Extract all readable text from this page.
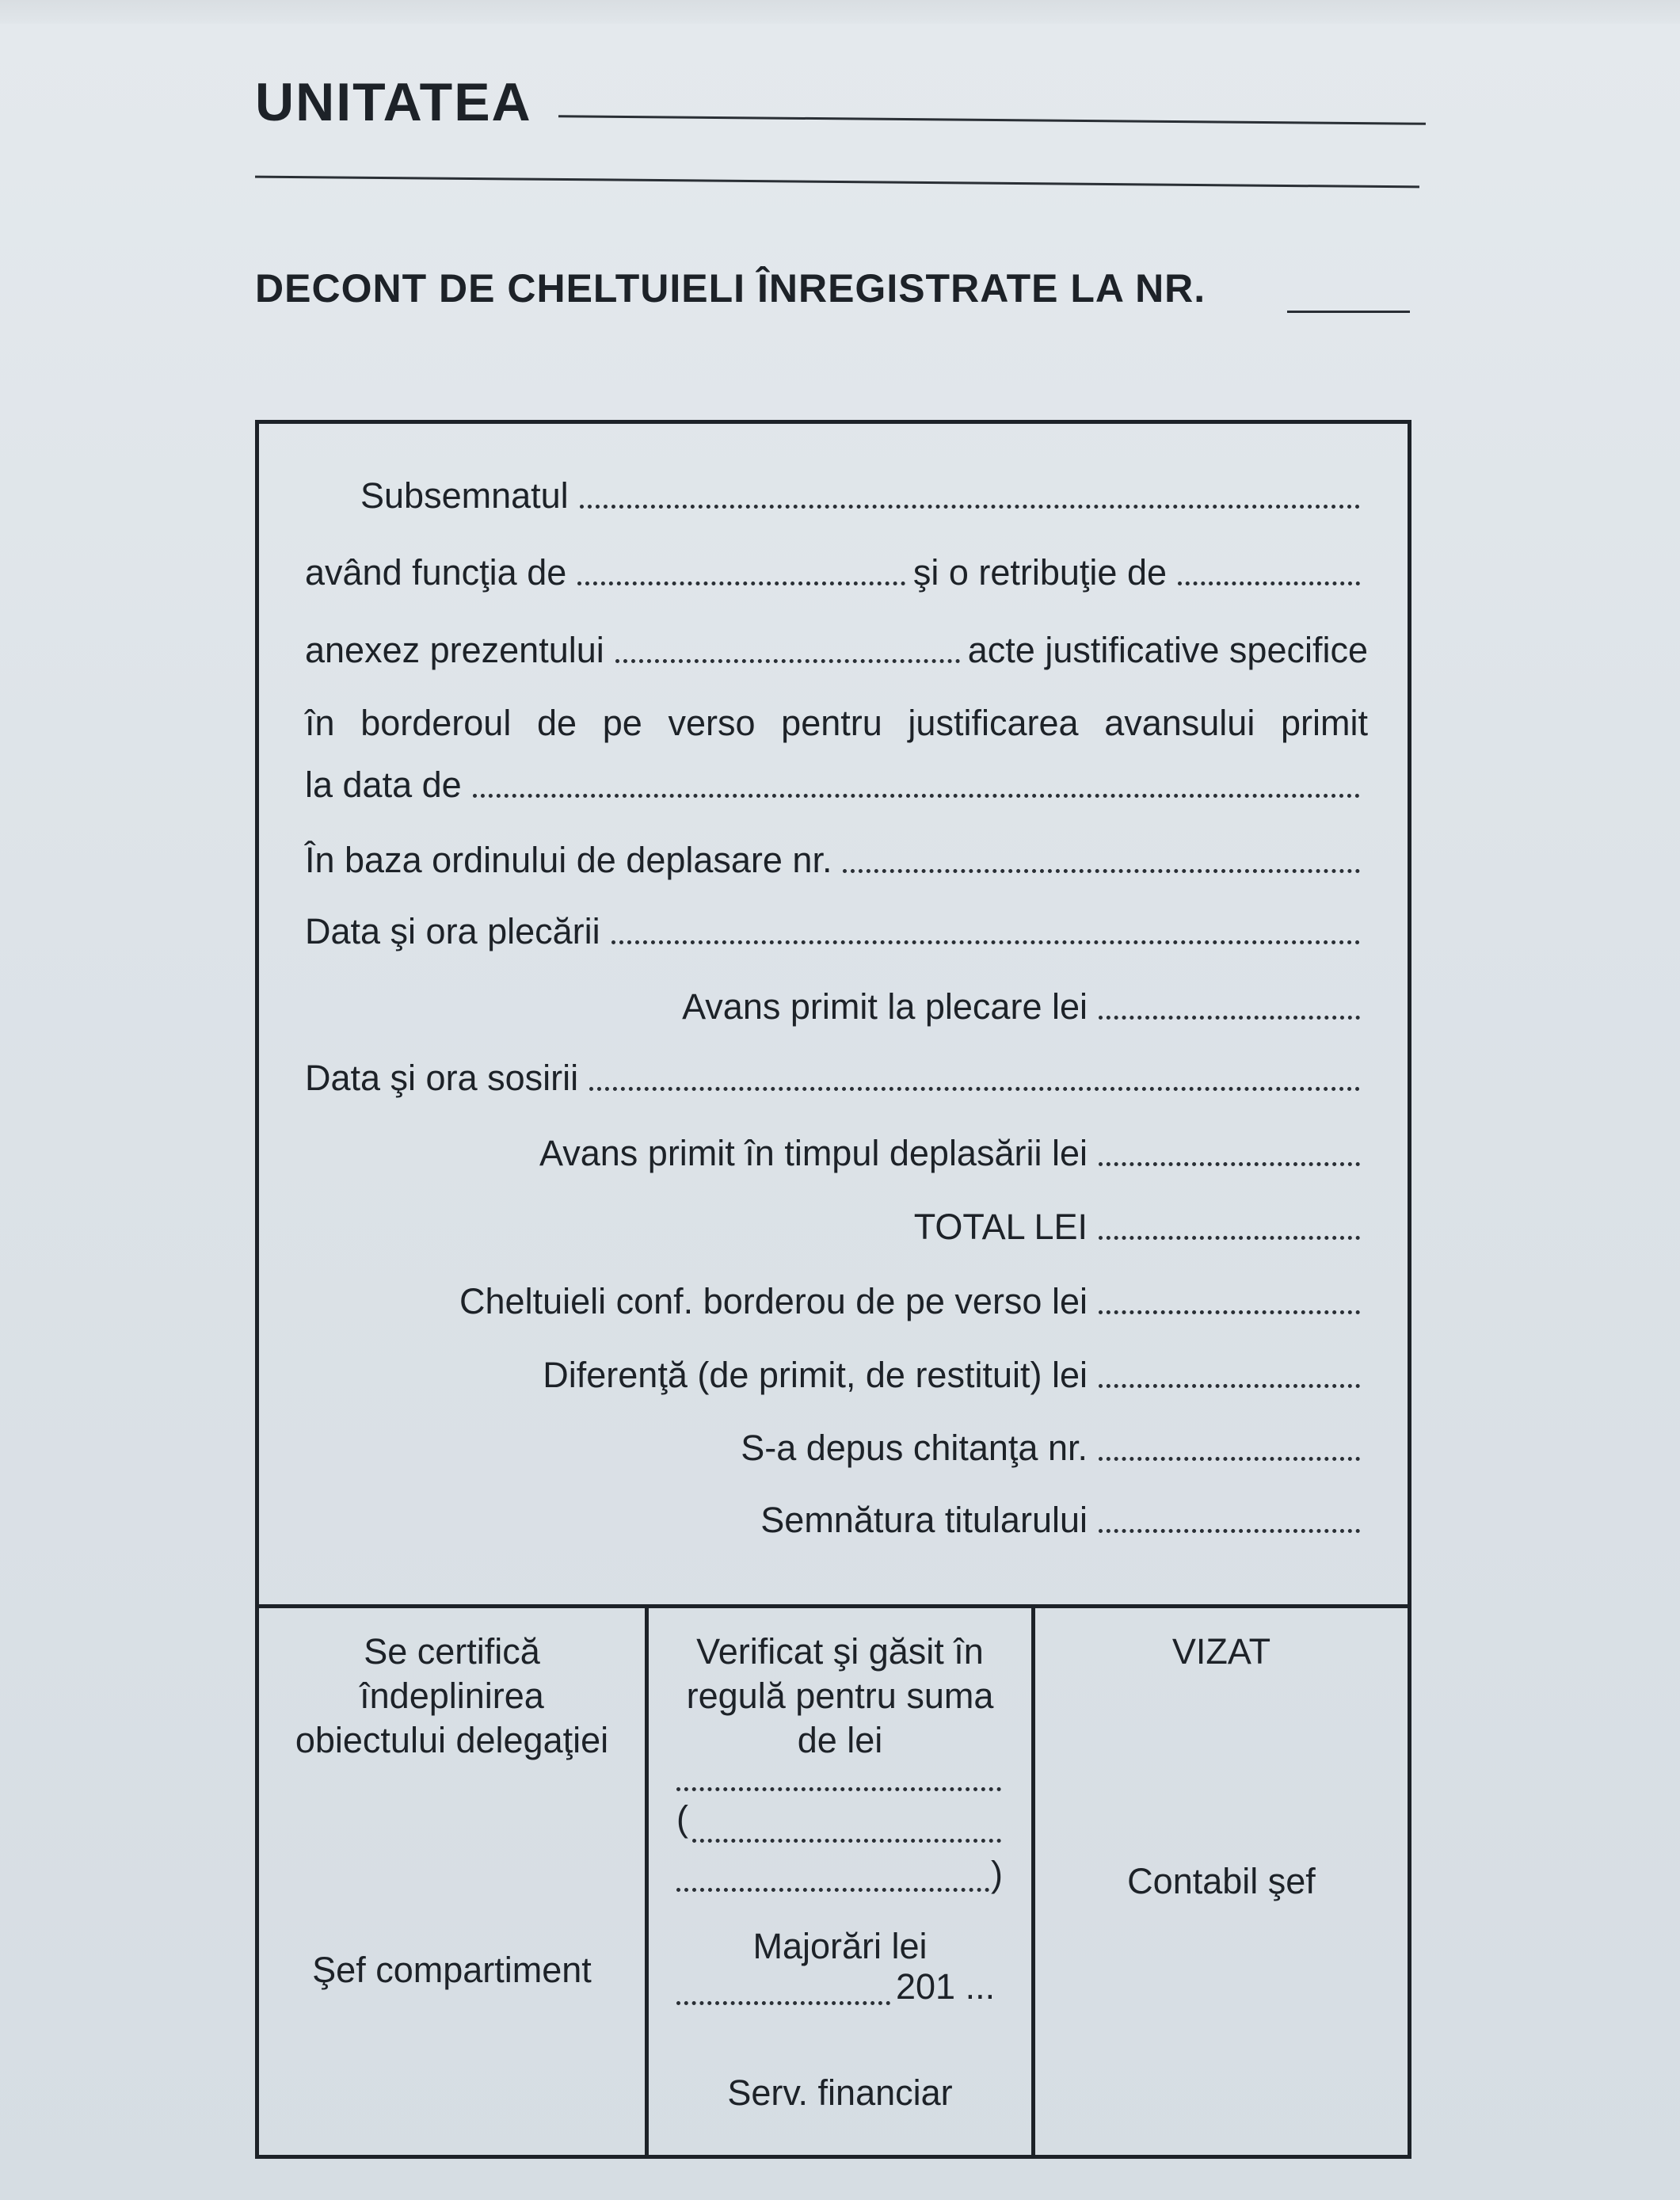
UNITATEA
DECONT DE CHELTUIELI ÎNREGISTRATE LA NR.
Subsemnatul
având funcţia de	şi o retribuţie de
anexez prezentului	acte justificative specifice
în borderoul de pe verso pentru justificarea avansului primit
la data de
În baza ordinului de deplasare nr.
Data şi ora plecării
Avans primit la plecare lei
Data şi ora sosirii
Avans primit în timpul deplasării lei
TOTAL LEI
Cheltuieli conf. borderou de pe verso lei
Diferenţă (de primit, de restituit) lei
S-a depus chitanţa nr.
Semnătura titularului
Se certifică
îndeplinirea
obiectului delegaţiei
Şef compartiment
Verificat şi găsit în
regulă pentru suma
de lei
(
)
Majorări lei
201 ...
Serv. financiar
VIZAT
Contabil şef
